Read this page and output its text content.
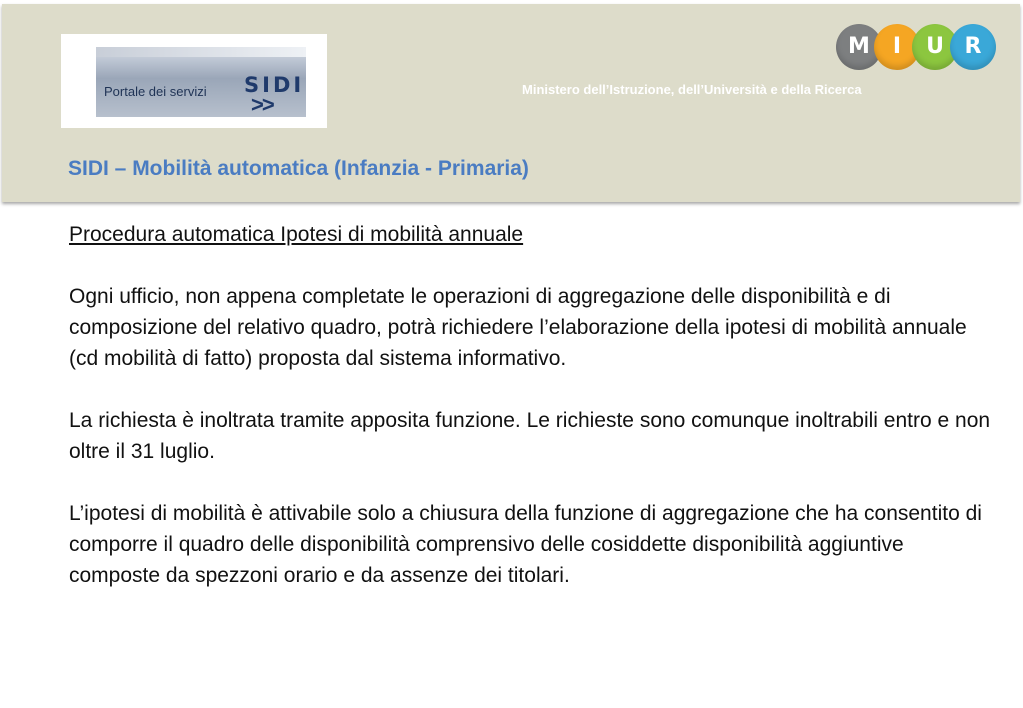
Portale dei servizi SIDI
>>
M	I	U R
Ministero dell’Istruzione, dell’Università e della Ricerca
SIDI – Mobilità automatica (Infanzia - Primaria)

Procedura automatica Ipotesi di mobilità annuale

Ogni ufficio, non appena completate le operazioni di aggregazione delle disponibilità e di composizione del relativo quadro, potrà richiedere l’elaborazione della ipotesi di mobilità annuale (cd mobilità di fatto) proposta dal sistema informativo.

La richiesta è inoltrata tramite apposita funzione. Le richieste sono comunque inoltrabili entro e non oltre il 31 luglio.

L’ipotesi di mobilità è attivabile solo a chiusura della funzione di aggregazione che ha consentito di comporre il quadro delle disponibilità comprensivo delle cosiddette disponibilità aggiuntive composte da spezzoni orario e da assenze dei titolari.
